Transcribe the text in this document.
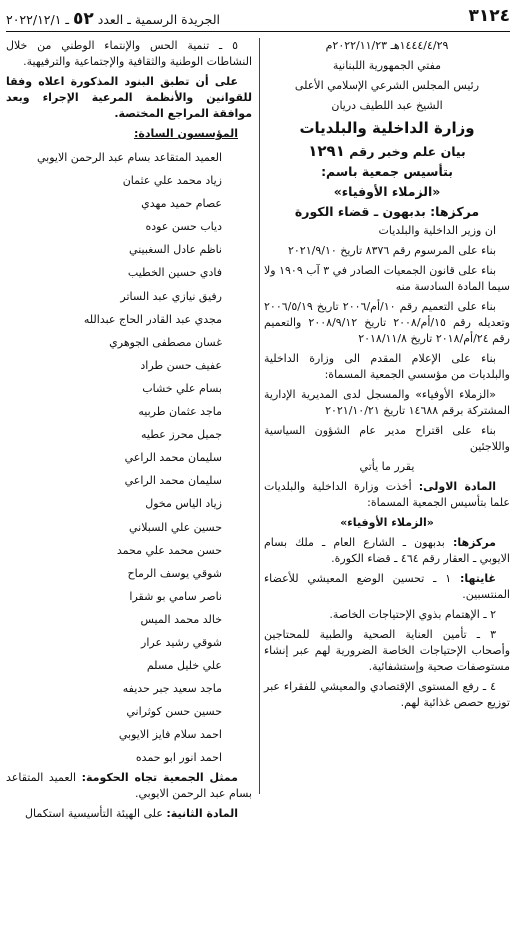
٣١٢٤
الجريدة الرسمية ـ العدد ٥٢ ـ ٢٠٢٢/١٢/١

١٤٤٤/٤/٢٩هـ ٢٠٢٢/١١/٢٣م

مفتي الجمهورية اللبنانية

رئيس المجلس الشرعي الإسلامي الأعلى

الشيخ عبد اللطيف دريان

وزارة الداخلية والبلديات
بيان علم وخبر رقم ١٢٩١
بتأسيس جمعية باسم:
«الزملاء الأوفياء»
مركزها: بدبهون ـ قضاء الكورة

ان وزير الداخلية والبلديات

بناء على المرسوم رقم ٨٣٧٦ تاريخ ٢٠٢١/٩/١٠

بناء على قانون الجمعيات الصادر في ٣ آب ١٩٠٩ ولا سيما المادة السادسة منه

بناء على التعميم رقم ١٠/أم/٢٠٠٦ تاريخ ٢٠٠٦/٥/١٩ وتعديله رقم ١٥/أم/٢٠٠٨ تاريخ ٢٠٠٨/٩/١٢ والتعميم رقم ٢٤/أم/٢٠١٨ تاريخ ٢٠١٨/١١/٨

بناء على الإعلام المقدم الى وزارة الداخلية والبلديات من مؤسسي الجمعية المسماة:

«الزملاء الأوفياء» والمسجل لدى المديرية الإدارية المشتركة برقم ١٤٦٨٨ تاريخ ٢٠٢١/١٠/٢١

بناء على اقتراح مدير عام الشؤون السياسية واللاجئين

يقرر ما يأتي

المادة الاولى: أخذت وزارة الداخلية والبلديات علما بتأسيس الجمعية المسماة:

«الزملاء الأوفياء»

مركزها: بدبهون ـ الشارع العام ـ ملك بسام الايوبي ـ العقار رقم ٤٦٤ ـ قضاء الكورة.

غايتها: ١ ـ تحسين الوضع المعيشي للأعضاء المنتسبين.

٢ ـ الإهتمام بذوي الإحتياجات الخاصة.

٣ ـ تأمين العناية الصحية والطبية للمحتاجين وأصحاب الإحتياجات الخاصة الضرورية لهم عبر إنشاء مستوصفات صحية وإستشفائية.

٤ ـ رفع المستوى الإقتصادي والمعيشي للفقراء عبر توزيع حصص غذائية لهم.

٥ ـ تنمية الحس والإنتماء الوطني من خلال النشاطات الوطنية والثقافية والإجتماعية والترفيهية.

على أن تطبق البنود المذكورة اعلاه وفقا للقوانين والأنظمة المرعية الإجراء وبعد موافقة المراجع المختصة.

المؤسسون السادة:

العميد المتقاعد بسام عبد الرحمن الايوبي
زياد محمد علي عثمان
عصام حميد مهدي
دياب حسن عوده
ناظم عادل السغبيني
فادي حسين الخطيب
رفيق نيازي عبد الساتر
مجدي عبد القادر الحاج عبدالله
غسان مصطفى الجوهري
عفيف حسن طراد
بسام علي خشاب
ماجد عثمان طربيه
جميل محرز عطيه
سليمان محمد الراعي
سليمان محمد الراعي
زياد الياس مخول
حسين علي السبلاني
حسن محمد علي محمد
شوقي يوسف الرماح
ناصر سامي بو شقرا
خالد محمد الميس
شوقي رشيد عرار
علي خليل مسلم
ماجد سعيد جبر حديفه
حسين حسن كوثراني
احمد سلام فايز الايوبي
احمد انور ابو حمده

ممثل الجمعية تجاه الحكومة: العميد المتقاعد بسام عبد الرحمن الايوبي.

المادة الثانية: على الهيئة التأسيسية استكمال
